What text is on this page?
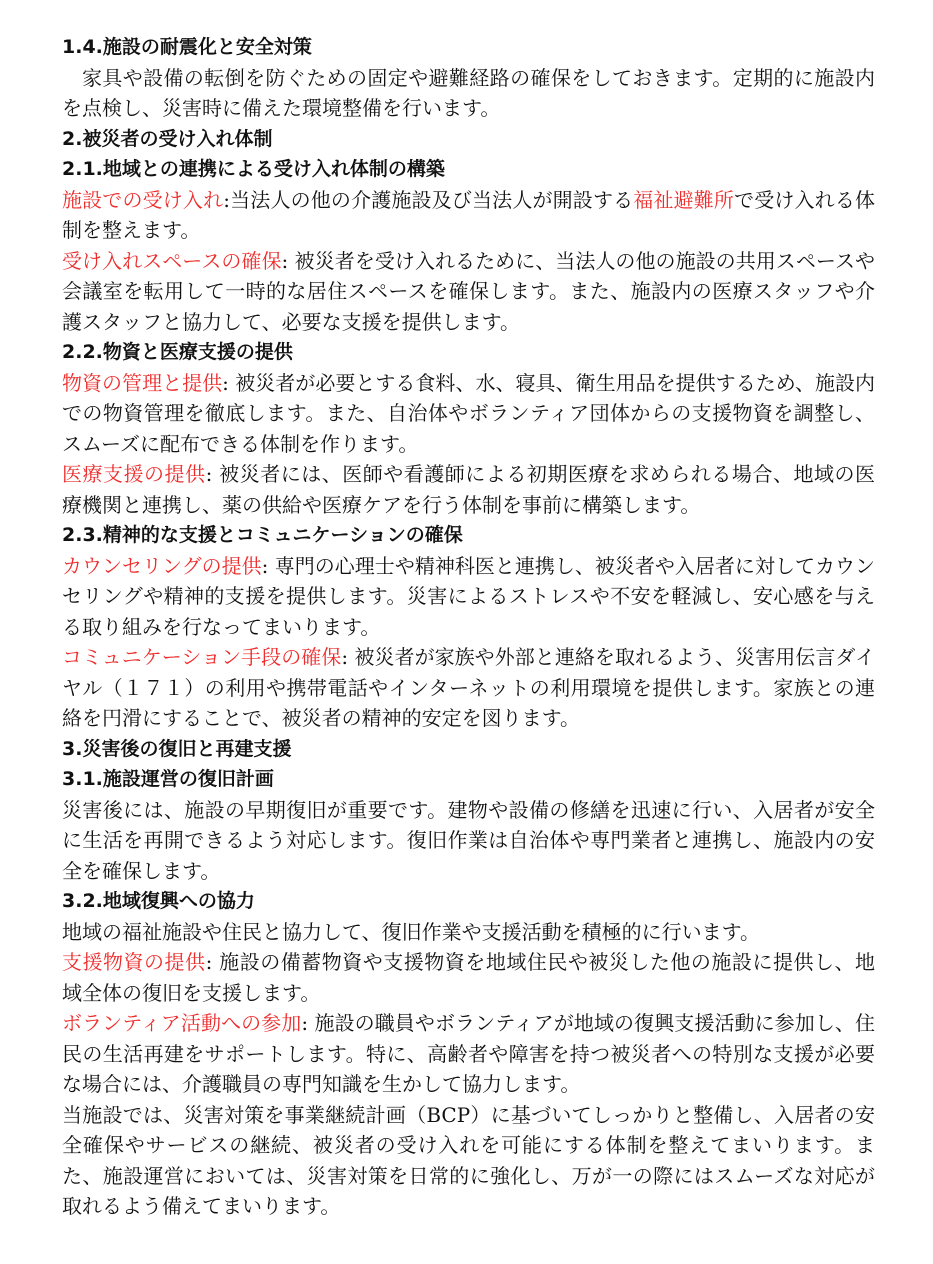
1.4.施設の耐震化と安全対策

家具や設備の転倒を防ぐための固定や避難経路の確保をしておきます。定期的に施設内を点検し、災害時に備えた環境整備を行います。

2.被災者の受け入れ体制
2.1.地域との連携による受け入れ体制の構築

施設での受け入れ:当法人の他の介護施設及び当法人が開設する福祉避難所で受け入れる体制を整えます。

受け入れスペースの確保: 被災者を受け入れるために、当法人の他の施設の共用スペースや会議室を転用して一時的な居住スペースを確保します。また、施設内の医療スタッフや介護スタッフと協力して、必要な支援を提供します。

2.2.物資と医療支援の提供

物資の管理と提供: 被災者が必要とする食料、水、寝具、衛生用品を提供するため、施設内での物資管理を徹底します。また、自治体やボランティア団体からの支援物資を調整し、スムーズに配布できる体制を作ります。

医療支援の提供: 被災者には、医師や看護師による初期医療を求められる場合、地域の医療機関と連携し、薬の供給や医療ケアを行う体制を事前に構築します。

2.3.精神的な支援とコミュニケーションの確保

カウンセリングの提供: 専門の心理士や精神科医と連携し、被災者や入居者に対してカウンセリングや精神的支援を提供します。災害によるストレスや不安を軽減し、安心感を与える取り組みを行なってまいります。

コミュニケーション手段の確保: 被災者が家族や外部と連絡を取れるよう、災害用伝言ダイヤル（１７１）の利用や携帯電話やインターネットの利用環境を提供します。家族との連絡を円滑にすることで、被災者の精神的安定を図ります。

3.災害後の復旧と再建支援
3.1.施設運営の復旧計画

災害後には、施設の早期復旧が重要です。建物や設備の修繕を迅速に行い、入居者が安全に生活を再開できるよう対応します。復旧作業は自治体や専門業者と連携し、施設内の安全を確保します。

3.2.地域復興への協力

地域の福祉施設や住民と協力して、復旧作業や支援活動を積極的に行います。

支援物資の提供: 施設の備蓄物資や支援物資を地域住民や被災した他の施設に提供し、地域全体の復旧を支援します。

ボランティア活動への参加: 施設の職員やボランティアが地域の復興支援活動に参加し、住民の生活再建をサポートします。特に、高齢者や障害を持つ被災者への特別な支援が必要な場合には、介護職員の専門知識を生かして協力します。

当施設では、災害対策を事業継続計画（BCP）に基づいてしっかりと整備し、入居者の安全確保やサービスの継続、被災者の受け入れを可能にする体制を整えてまいります。また、施設運営においては、災害対策を日常的に強化し、万が一の際にはスムーズな対応が取れるよう備えてまいります。
